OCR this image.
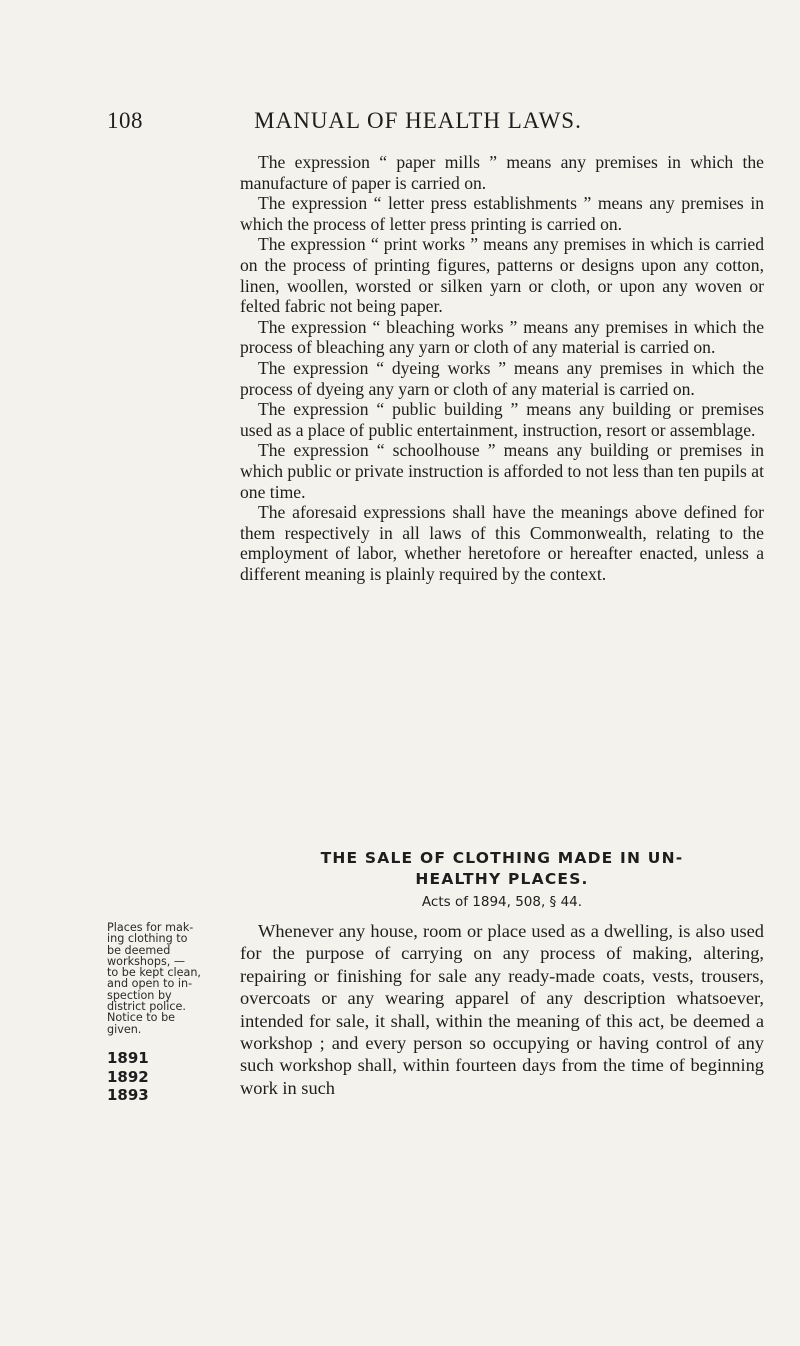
108	MANUAL OF HEALTH LAWS.

The expression “ paper mills ” means any premises in which the manufacture of paper is carried on.

The expression “ letter press establishments ” means any premises in which the process of letter press printing is carried on.

The expression “ print works ” means any premises in which is carried on the process of printing figures, patterns or designs upon any cotton, linen, woollen, worsted or silken yarn or cloth, or upon any woven or felted fabric not being paper.

The expression “ bleaching works ” means any premises in which the process of bleaching any yarn or cloth of any material is carried on.

The expression “ dyeing works ” means any premises in which the process of dyeing any yarn or cloth of any material is carried on.

The expression “ public building ” means any building or premises used as a place of public entertainment, instruction, resort or assemblage.

The expression “ schoolhouse ” means any building or premises in which public or private instruction is afforded to not less than ten pupils at one time.

The aforesaid expressions shall have the meanings above defined for them respectively in all laws of this Commonwealth, relating to the employment of labor, whether heretofore or hereafter enacted, unless a different meaning is plainly required by the context.

THE SALE OF CLOTHING MADE IN UN-
HEALTHY PLACES.
Acts of 1894, 508, § 44.

Whenever any house, room or place used as a dwelling, is also used for the purpose of carrying on any process of making, altering, repairing or finishing for sale any ready-made coats, vests, trousers, overcoats or any wearing apparel of any description whatsoever, intended for sale, it shall, within the meaning of this act, be deemed a workshop ; and every person so occupying or having control of any such workshop shall, within fourteen days from the time of beginning work in such

Places for mak-
ing clothing to
be deemed
workshops, —
to be kept clean,
and open to in-
spection by
district police.
Notice to be
given.
1891
1892
1893
